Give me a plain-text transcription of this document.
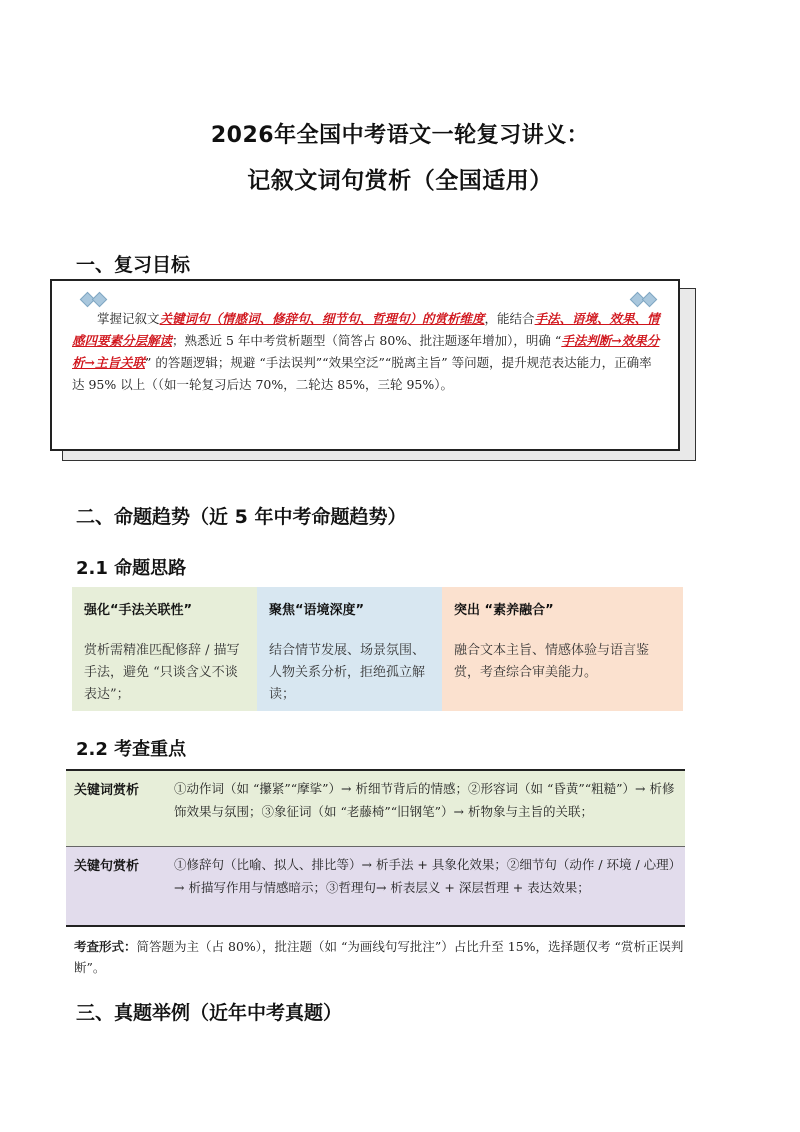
2026年全国中考语文一轮复习讲义：
记叙文词句赏析（全国适用）
一、复习目标
掌握记叙文关键词句（情感词、修辞句、细节句、哲理句）的赏析维度，能结合手法、语境、效果、情感四要素分层解读；熟悉近 5 年中考赏析题型（简答占 80%、批注题逐年增加），明确 “手法判断→效果分析→主旨关联” 的答题逻辑；规避 “手法误判”“效果空泛”“脱离主旨” 等问题，提升规范表达能力，正确率达 95% 以上（（如一轮复习后达 70%，二轮达 85%，三轮 95%）。
二、命题趋势（近 5 年中考命题趋势）
2.1 命题思路
强化“手法关联性”
赏析需精准匹配修辞 / 描写手法，避免 “只谈含义不谈表达”；
聚焦“语境深度”
结合情节发展、场景氛围、人物关系分析，拒绝孤立解读；
突出 “素养融合”
融合文本主旨、情感体验与语言鉴赏，考查综合审美能力。
2.2 考查重点
关键词赏析	①动作词（如 “攥紧”“摩挲”）→ 析细节背后的情感；②形容词（如 “昏黄”“粗糙”）→ 析修饰效果与氛围；③象征词（如 “老藤椅”“旧钢笔”）→ 析物象与主旨的关联；
关键句赏析	①修辞句（比喻、拟人、排比等）→ 析手法 + 具象化效果；②细节句（动作 / 环境 / 心理）→ 析描写作用与情感暗示；③哲理句→ 析表层义 + 深层哲理 + 表达效果；
考查形式：简答题为主（占 80%），批注题（如 “为画线句写批注”）占比升至 15%，选择题仅考 “赏析正误判断”。
三、真题举例（近年中考真题）
